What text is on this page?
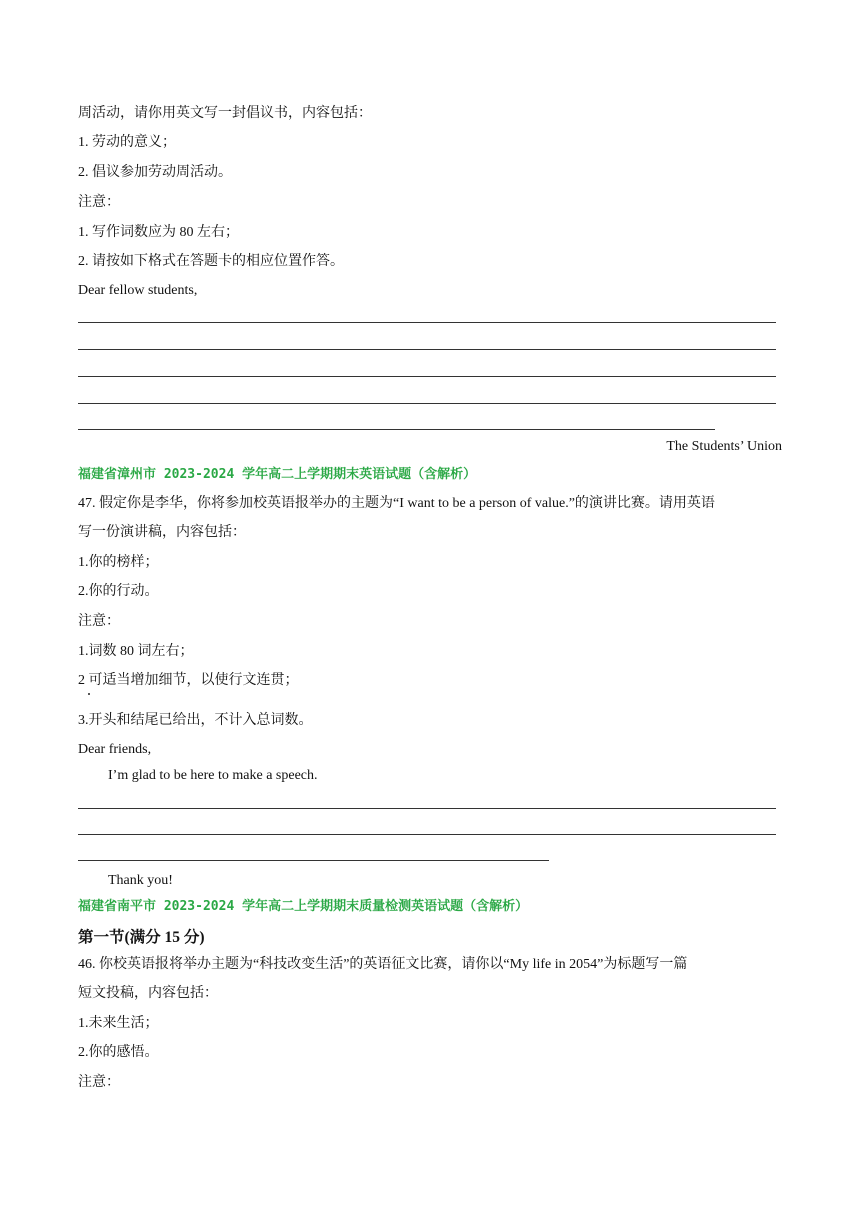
周活动，请你用英文写一封倡议书，内容包括：
1. 劳动的意义；
2. 倡议参加劳动周活动。
注意：
1. 写作词数应为 80 左右；
2. 请按如下格式在答题卡的相应位置作答。
Dear fellow students,
The Students’ Union
福建省漳州市 2023-2024 学年高二上学期期末英语试题（含解析）
47. 假定你是李华，你将参加校英语报举办的主题为“I want to be a person of value.”的演讲比赛。请用英语
写一份演讲稿，内容包括：
1.你的榜样；
2.你的行动。
注意：
1.词数 80 词左右；
2 可适当增加细节，以使行文连贯；
3.开头和结尾已给出，不计入总词数。
Dear friends,
I’m glad to be here to make a speech.
Thank you!
福建省南平市 2023-2024 学年高二上学期期末质量检测英语试题（含解析）
第一节(满分 15 分)
46. 你校英语报将举办主题为“科技改变生活”的英语征文比赛，请你以“My life in 2054”为标题写一篇
短文投稿，内容包括：
1.未来生活；
2.你的感悟。
注意：
